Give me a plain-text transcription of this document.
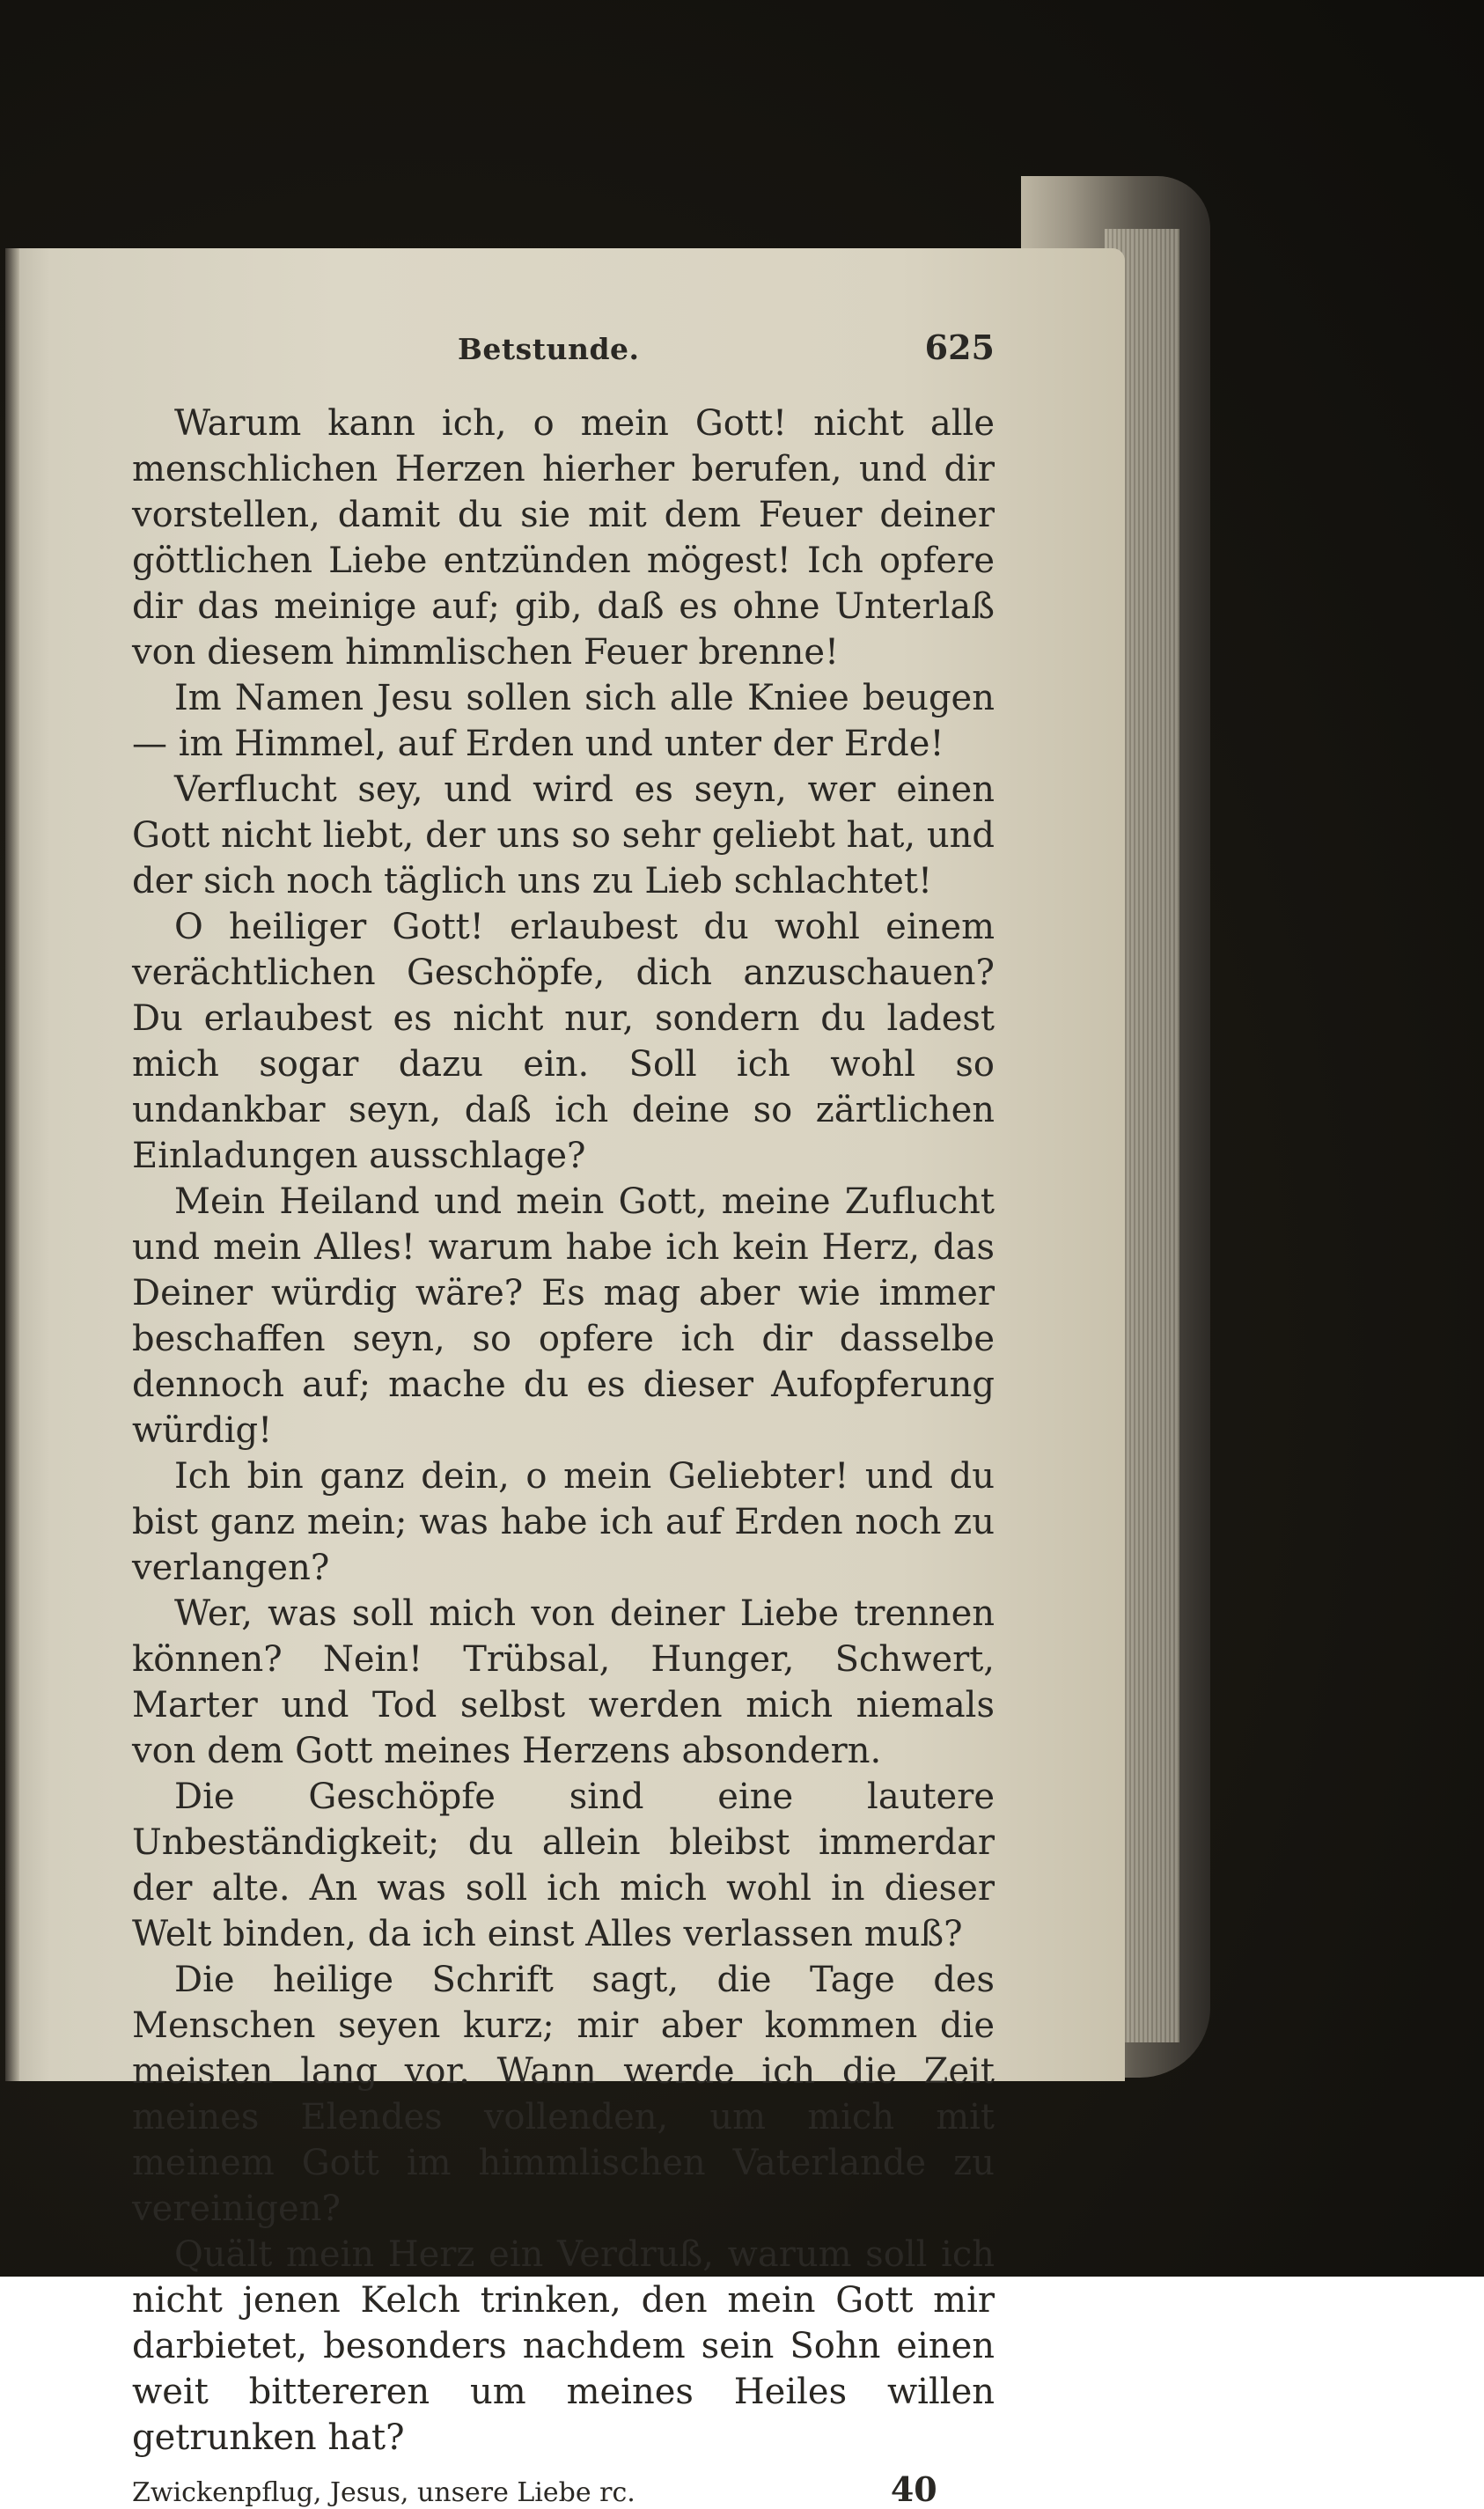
Betstunde.	625

Warum kann ich, o mein Gott! nicht alle menschlichen Herzen hierher berufen, und dir vorstellen, damit du sie mit dem Feuer deiner göttlichen Liebe entzünden mögest! Ich opfere dir das meinige auf; gib, daß es ohne Unterlaß von diesem himmlischen Feuer brenne!

Im Namen Jesu sollen sich alle Kniee beugen — im Himmel, auf Erden und unter der Erde!

Verflucht sey, und wird es seyn, wer einen Gott nicht liebt, der uns so sehr geliebt hat, und der sich noch täglich uns zu Lieb schlachtet!

O heiliger Gott! erlaubest du wohl einem verächtlichen Geschöpfe, dich anzuschauen? Du erlaubest es nicht nur, sondern du ladest mich sogar dazu ein. Soll ich wohl so undankbar seyn, daß ich deine so zärtlichen Einladungen ausschlage?

Mein Heiland und mein Gott, meine Zuflucht und mein Alles! warum habe ich kein Herz, das Deiner würdig wäre? Es mag aber wie immer beschaffen seyn, so opfere ich dir dasselbe dennoch auf; mache du es dieser Aufopferung würdig!

Ich bin ganz dein, o mein Geliebter! und du bist ganz mein; was habe ich auf Erden noch zu verlangen?

Wer, was soll mich von deiner Liebe trennen können? Nein! Trübsal, Hunger, Schwert, Marter und Tod selbst werden mich niemals von dem Gott meines Herzens absondern.

Die Geschöpfe sind eine lautere Unbeständigkeit; du allein bleibst immerdar der alte. An was soll ich mich wohl in dieser Welt binden, da ich einst Alles verlassen muß?

Die heilige Schrift sagt, die Tage des Menschen seyen kurz; mir aber kommen die meisten lang vor. Wann werde ich die Zeit meines Elendes vollenden, um mich mit meinem Gott im himmlischen Vaterlande zu vereinigen?

Quält mein Herz ein Verdruß, warum soll ich nicht jenen Kelch trinken, den mein Gott mir darbietet, besonders nachdem sein Sohn einen weit bittereren um meines Heiles willen getrunken hat?

Zwickenpflug, Jesus, unsere Liebe rc.	40
